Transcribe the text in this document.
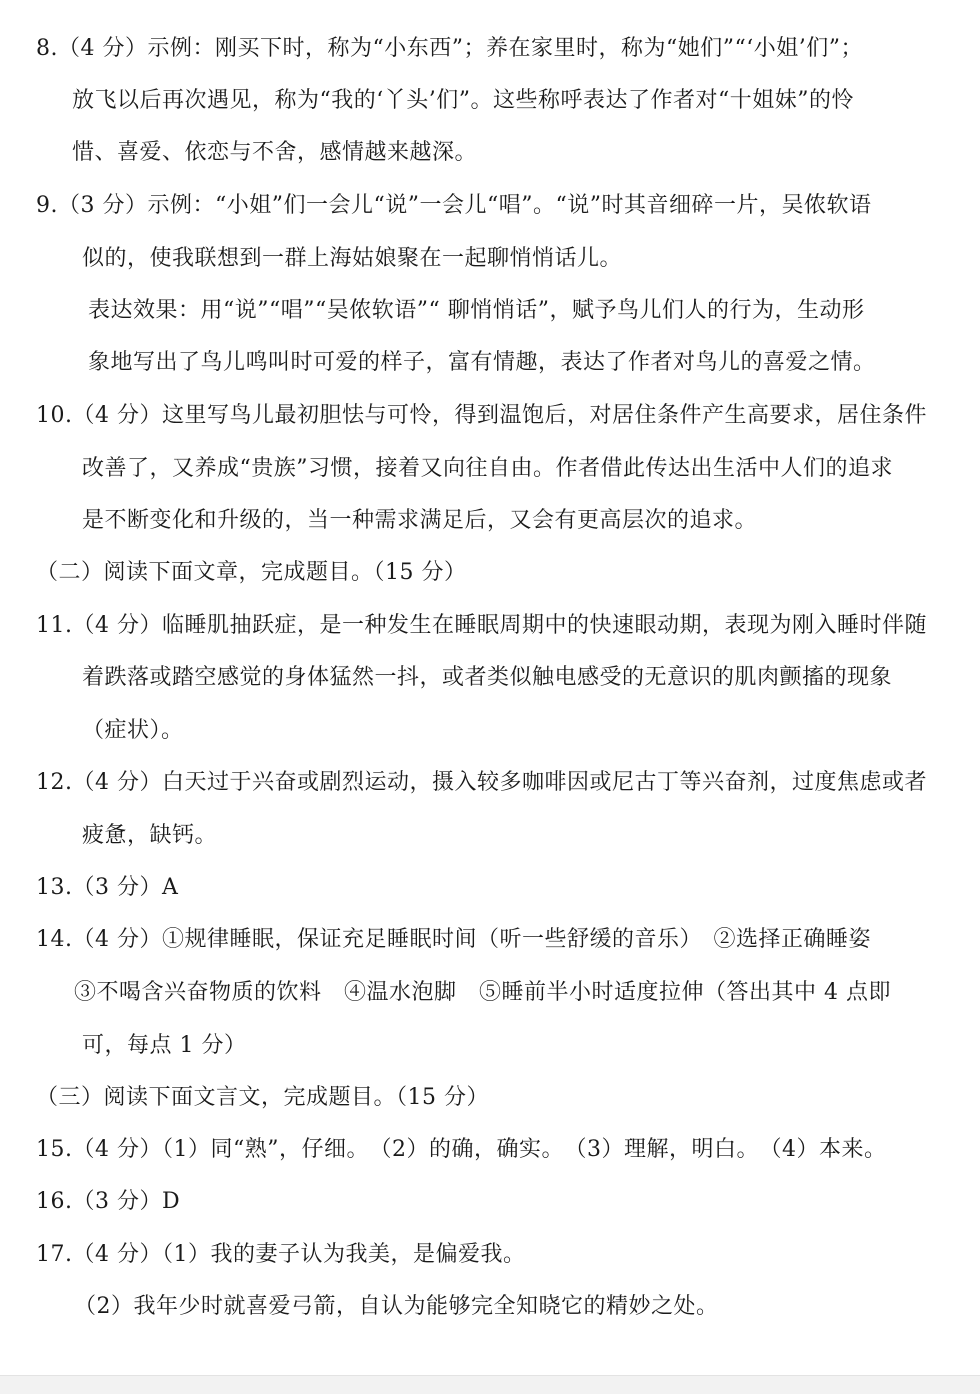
8.（4 分）示例：刚买下时，称为“小东西”；养在家里时，称为“她们”“‘小姐’们”；
放飞以后再次遇见，称为“我的‘丫头’们”。这些称呼表达了作者对“十姐妹”的怜
惜、喜爱、依恋与不舍，感情越来越深。
9.（3 分）示例：“小姐”们一会儿“说”一会儿“唱”。“说”时其音细碎一片，吴侬软语
似的，使我联想到一群上海姑娘聚在一起聊悄悄话儿。
表达效果：用“说”“唱”“吴侬软语”“ 聊悄悄话”，赋予鸟儿们人的行为，生动形
象地写出了鸟儿鸣叫时可爱的样子，富有情趣，表达了作者对鸟儿的喜爱之情。
10.（4 分）这里写鸟儿最初胆怯与可怜，得到温饱后，对居住条件产生高要求，居住条件
改善了，又养成“贵族”习惯，接着又向往自由。作者借此传达出生活中人们的追求
是不断变化和升级的，当一种需求满足后，又会有更高层次的追求。
（二）阅读下面文章，完成题目。（15 分）
11.（4 分）临睡肌抽跃症，是一种发生在睡眠周期中的快速眼动期，表现为刚入睡时伴随
着跌落或踏空感觉的身体猛然一抖，或者类似触电感受的无意识的肌肉颤搐的现象
（症状）。
12.（4 分）白天过于兴奋或剧烈运动，摄入较多咖啡因或尼古丁等兴奋剂，过度焦虑或者
疲惫，缺钙。
13.（3 分）A
14.（4 分）①规律睡眠，保证充足睡眠时间（听一些舒缓的音乐）　②选择正确睡姿
③不喝含兴奋物质的饮料　④温水泡脚　⑤睡前半小时适度拉伸（答出其中 4 点即
可，每点 1 分）
（三）阅读下面文言文，完成题目。（15 分）
15.（4 分）（1）同“熟”，仔细。　（2）的确，确实。　（3）理解，明白。　（4）本来。
16.（3 分）D
17.（4 分）（1）我的妻子认为我美，是偏爱我。
（2）我年少时就喜爱弓箭，自认为能够完全知晓它的精妙之处。
